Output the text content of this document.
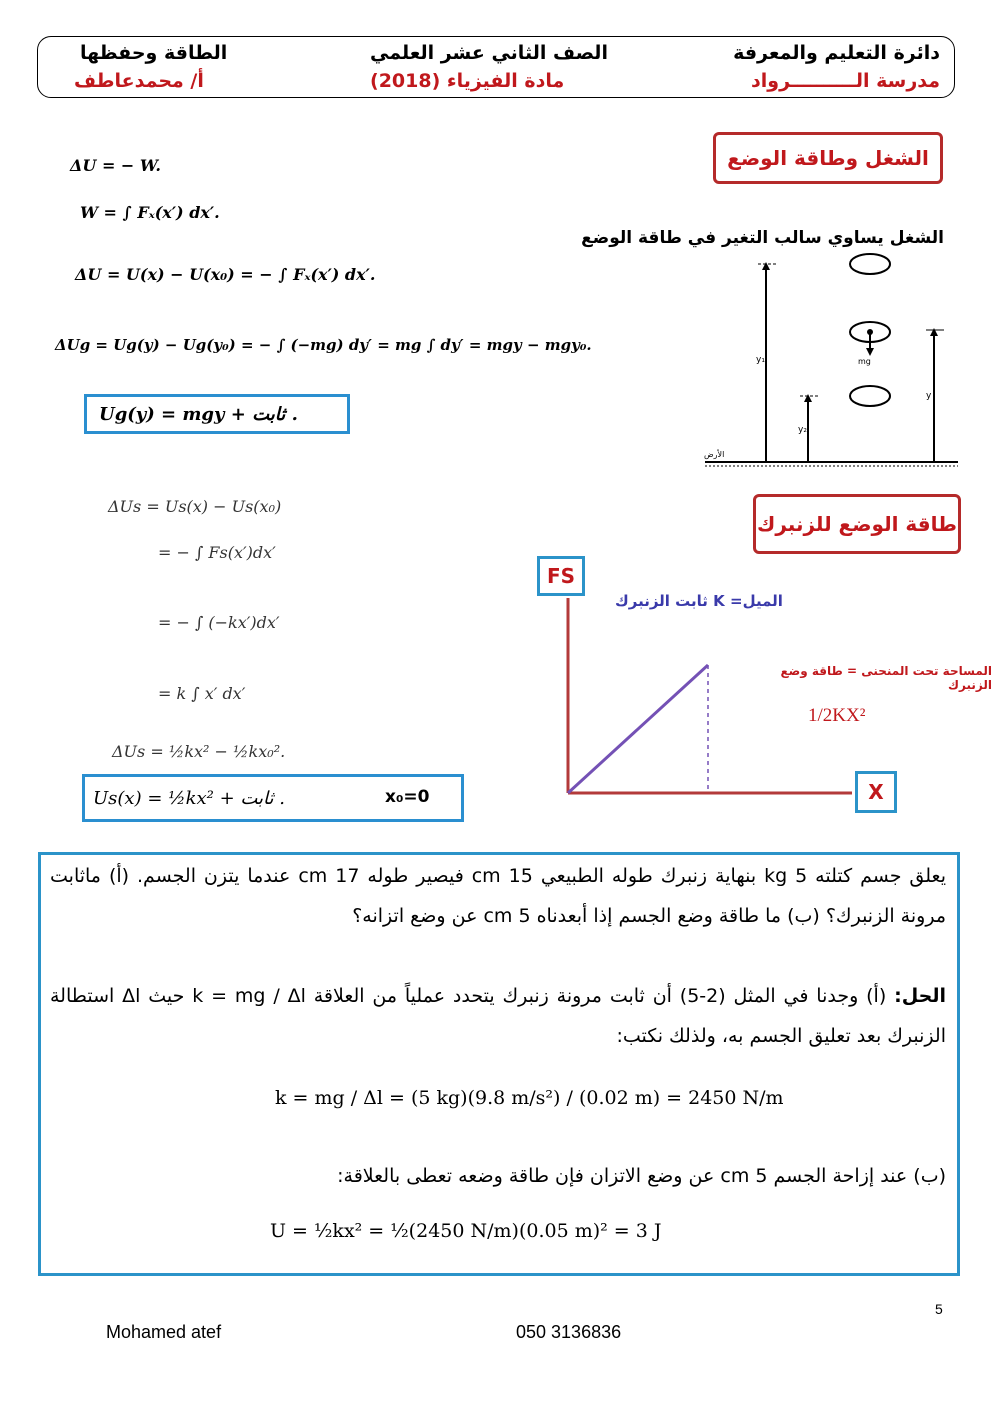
دائرة التعليم والمعرفة
مدرسة الــــــــــرواد
الصف الثاني عشر العلمي
مادة الفيزياء (2018)
الطاقة وحفظها
أ/ محمدعاطف
الشغل وطاقة الوضع
الشغل يساوي سالب التغير في طاقة الوضع
ΔU = − W.
W = ∫ Fₓ(x′) dx′.
ΔU = U(x) − U(x₀) = − ∫ Fₓ(x′) dx′.
ΔUg = Ug(y) − Ug(y₀) = − ∫ (−mg) dy′ = mg ∫ dy′ = mgy − mgy₀.
Ug(y) = mgy + ثابت .
y₁
y₂
y
mg
الأرض
طاقة الوضع للزنبرك
ΔUs = Us(x) − Us(x₀)
= − ∫ Fs(x′)dx′
= − ∫ (−kx′)dx′
= k ∫ x′ dx′
ΔUs = ½kx² − ½kx₀².
Us(x) = ½kx² + ثابت .	x₀=0
FS
X
الميل= K ثابت الزنبرك
المساحة تحت المنحنى = طاقة وضع الزنبرك
1/2KX²
يعلق جسم كتلته 5 kg بنهاية زنبرك طوله الطبيعي 15 cm فيصير طوله 17 cm عندما يتزن الجسم. (أ) ماثابت مرونة الزنبرك؟ (ب) ما طاقة وضع الجسم إذا أبعدناه 5 cm عن وضع اتزانه؟
الحل: (أ) وجدنا في المثل (2-5) أن ثابت مرونة زنبرك يتحدد عملياً من العلاقة k = mg / Δl حيث Δl استطالة الزنبرك بعد تعليق الجسم به، ولذلك نكتب:
k = mg / Δl = (5 kg)(9.8 m/s²) / (0.02 m) = 2450 N/m
(ب) عند إزاحة الجسم 5 cm عن وضع الاتزان فإن طاقة وضعه تعطى بالعلاقة:
U = ½kx² = ½(2450 N/m)(0.05 m)² = 3 J
5
Mohamed atef	050 3136836
